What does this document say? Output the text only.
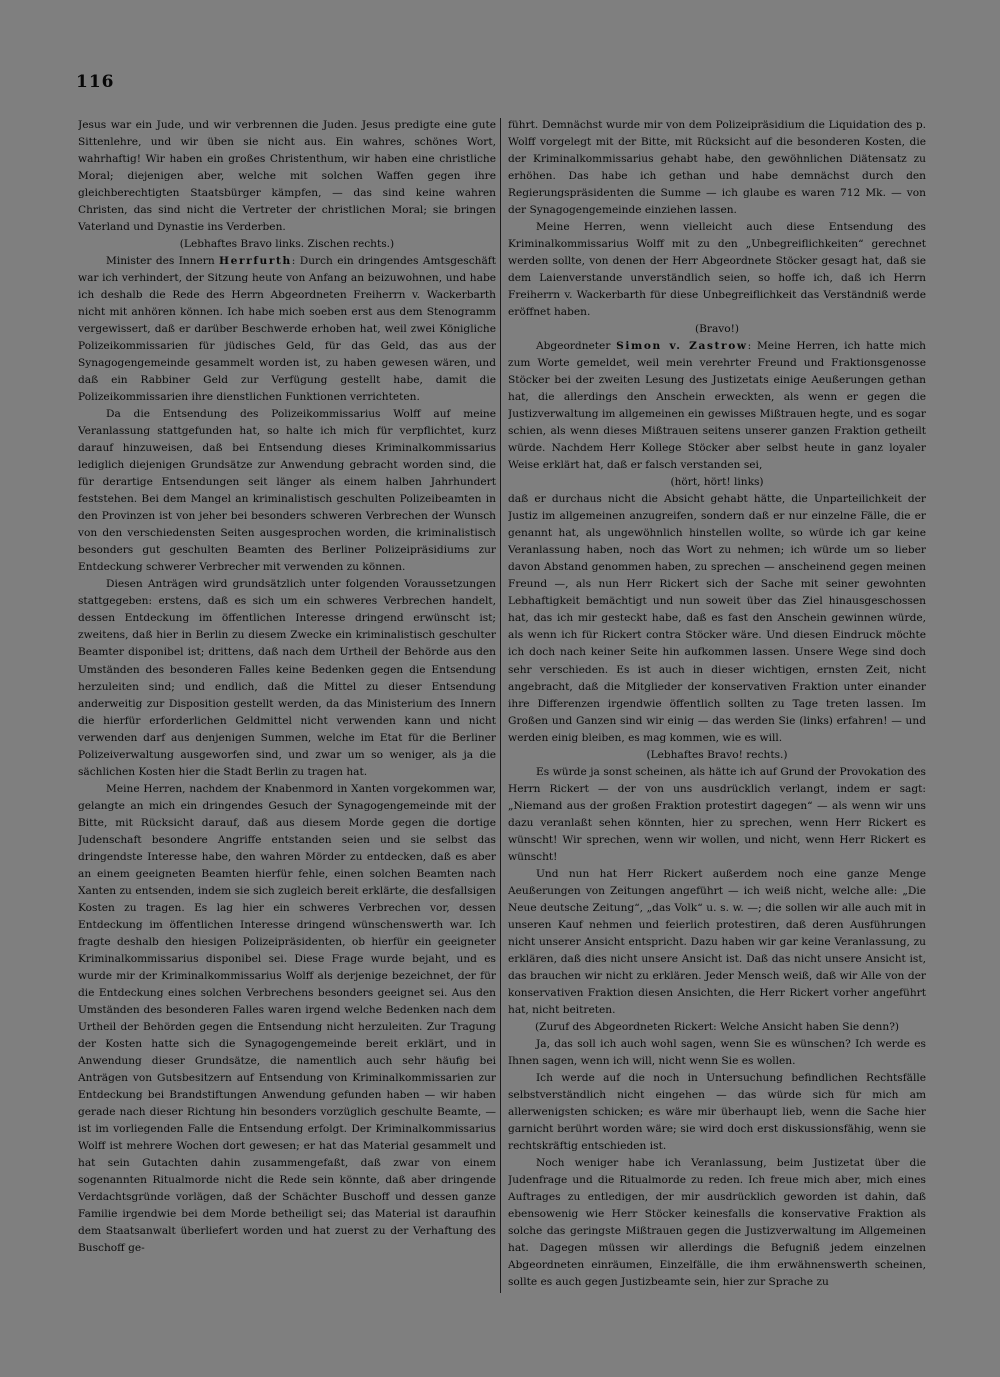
116

Jesus war ein Jude, und wir verbrennen die Juden. Jesus predigte eine gute Sittenlehre, und wir üben sie nicht aus. Ein wahres, schönes Wort, wahrhaftig! Wir haben ein großes Christenthum, wir haben eine christliche Moral; diejenigen aber, welche mit solchen Waffen gegen ihre gleichberechtigten Staatsbürger kämpfen, — das sind keine wahren Christen, das sind nicht die Vertreter der christlichen Moral; sie bringen Vaterland und Dynastie ins Verderben.

(Lebhaftes Bravo links. Zischen rechts.)

Minister des Innern Herrfurth: Durch ein dringendes Amtsgeschäft war ich verhindert, der Sitzung heute von Anfang an beizuwohnen, und habe ich deshalb die Rede des Herrn Abgeordneten Freiherrn v. Wackerbarth nicht mit anhören können. Ich habe mich soeben erst aus dem Stenogramm vergewissert, daß er darüber Beschwerde erhoben hat, weil zwei Königliche Polizeikommissarien für jüdisches Geld, für das Geld, das aus der Synagogengemeinde gesammelt worden ist, zu haben gewesen wären, und daß ein Rabbiner Geld zur Verfügung gestellt habe, damit die Polizeikommissarien ihre dienstlichen Funktionen verrichteten.

Da die Entsendung des Polizeikommissarius Wolff auf meine Veranlassung stattgefunden hat, so halte ich mich für verpflichtet, kurz darauf hinzuweisen, daß bei Entsendung dieses Kriminalkommissarius lediglich diejenigen Grundsätze zur Anwendung gebracht worden sind, die für derartige Entsendungen seit länger als einem halben Jahrhundert feststehen. Bei dem Mangel an kriminalistisch geschulten Polizeibeamten in den Provinzen ist von jeher bei besonders schweren Verbrechen der Wunsch von den verschiedensten Seiten ausgesprochen worden, die kriminalistisch besonders gut geschulten Beamten des Berliner Polizeipräsidiums zur Entdeckung schwerer Verbrecher mit verwenden zu können.

Diesen Anträgen wird grundsätzlich unter folgenden Voraussetzungen stattgegeben: erstens, daß es sich um ein schweres Verbrechen handelt, dessen Entdeckung im öffentlichen Interesse dringend erwünscht ist; zweitens, daß hier in Berlin zu diesem Zwecke ein kriminalistisch geschulter Beamter disponibel ist; drittens, daß nach dem Urtheil der Behörde aus den Umständen des besonderen Falles keine Bedenken gegen die Entsendung herzuleiten sind; und endlich, daß die Mittel zu dieser Entsendung anderweitig zur Disposition gestellt werden, da das Ministerium des Innern die hierfür erforderlichen Geldmittel nicht verwenden kann und nicht verwenden darf aus denjenigen Summen, welche im Etat für die Berliner Polizeiverwaltung ausgeworfen sind, und zwar um so weniger, als ja die sächlichen Kosten hier die Stadt Berlin zu tragen hat.

Meine Herren, nachdem der Knabenmord in Xanten vorgekommen war, gelangte an mich ein dringendes Gesuch der Synagogengemeinde mit der Bitte, mit Rücksicht darauf, daß aus diesem Morde gegen die dortige Judenschaft besondere Angriffe entstanden seien und sie selbst das dringendste Interesse habe, den wahren Mörder zu entdecken, daß es aber an einem geeigneten Beamten hierfür fehle, einen solchen Beamten nach Xanten zu entsenden, indem sie sich zugleich bereit erklärte, die desfallsigen Kosten zu tragen. Es lag hier ein schweres Verbrechen vor, dessen Entdeckung im öffentlichen Interesse dringend wünschenswerth war. Ich fragte deshalb den hiesigen Polizeipräsidenten, ob hierfür ein geeigneter Kriminalkommissarius disponibel sei. Diese Frage wurde bejaht, und es wurde mir der Kriminalkommissarius Wolff als derjenige bezeichnet, der für die Entdeckung eines solchen Verbrechens besonders geeignet sei. Aus den Umständen des besonderen Falles waren irgend welche Bedenken nach dem Urtheil der Behörden gegen die Entsendung nicht herzuleiten. Zur Tragung der Kosten hatte sich die Synagogengemeinde bereit erklärt, und in Anwendung dieser Grundsätze, die namentlich auch sehr häufig bei Anträgen von Gutsbesitzern auf Entsendung von Kriminalkommissarien zur Entdeckung bei Brandstiftungen Anwendung gefunden haben — wir haben gerade nach dieser Richtung hin besonders vorzüglich geschulte Beamte, — ist im vorliegenden Falle die Entsendung erfolgt. Der Kriminalkommissarius Wolff ist mehrere Wochen dort gewesen; er hat das Material gesammelt und hat sein Gutachten dahin zusammengefaßt, daß zwar von einem sogenannten Ritualmorde nicht die Rede sein könnte, daß aber dringende Verdachtsgründe vorlägen, daß der Schächter Buschoff und dessen ganze Familie irgendwie bei dem Morde betheiligt sei; das Material ist daraufhin dem Staatsanwalt überliefert worden und hat zuerst zu der Verhaftung des Buschoff ge-

führt. Demnächst wurde mir von dem Polizeipräsidium die Liquidation des p. Wolff vorgelegt mit der Bitte, mit Rücksicht auf die besonderen Kosten, die der Kriminalkommissarius gehabt habe, den gewöhnlichen Diätensatz zu erhöhen. Das habe ich gethan und habe demnächst durch den Regierungspräsidenten die Summe — ich glaube es waren 712 Mk. — von der Synagogengemeinde einziehen lassen.

Meine Herren, wenn vielleicht auch diese Entsendung des Kriminalkommissarius Wolff mit zu den „Unbegreiflichkeiten“ gerechnet werden sollte, von denen der Herr Abgeordnete Stöcker gesagt hat, daß sie dem Laienverstande unverständlich seien, so hoffe ich, daß ich Herrn Freiherrn v. Wackerbarth für diese Unbegreiflichkeit das Verständniß werde eröffnet haben.

(Bravo!)

Abgeordneter Simon v. Zastrow: Meine Herren, ich hatte mich zum Worte gemeldet, weil mein verehrter Freund und Fraktionsgenosse Stöcker bei der zweiten Lesung des Justizetats einige Aeußerungen gethan hat, die allerdings den Anschein erweckten, als wenn er gegen die Justizverwaltung im allgemeinen ein gewisses Mißtrauen hegte, und es sogar schien, als wenn dieses Mißtrauen seitens unserer ganzen Fraktion getheilt würde. Nachdem Herr Kollege Stöcker aber selbst heute in ganz loyaler Weise erklärt hat, daß er falsch verstanden sei,

(hört, hört! links)

daß er durchaus nicht die Absicht gehabt hätte, die Unparteilichkeit der Justiz im allgemeinen anzugreifen, sondern daß er nur einzelne Fälle, die er genannt hat, als ungewöhnlich hinstellen wollte, so würde ich gar keine Veranlassung haben, noch das Wort zu nehmen; ich würde um so lieber davon Abstand genommen haben, zu sprechen — anscheinend gegen meinen Freund —, als nun Herr Rickert sich der Sache mit seiner gewohnten Lebhaftigkeit bemächtigt und nun soweit über das Ziel hinausgeschossen hat, das ich mir gesteckt habe, daß es fast den Anschein gewinnen würde, als wenn ich für Rickert contra Stöcker wäre. Und diesen Eindruck möchte ich doch nach keiner Seite hin aufkommen lassen. Unsere Wege sind doch sehr verschieden. Es ist auch in dieser wichtigen, ernsten Zeit, nicht angebracht, daß die Mitglieder der konservativen Fraktion unter einander ihre Differenzen irgendwie öffentlich sollten zu Tage treten lassen. Im Großen und Ganzen sind wir einig — das werden Sie (links) erfahren! — und werden einig bleiben, es mag kommen, wie es will.

(Lebhaftes Bravo! rechts.)

Es würde ja sonst scheinen, als hätte ich auf Grund der Provokation des Herrn Rickert — der von uns ausdrücklich verlangt, indem er sagt: „Niemand aus der großen Fraktion protestirt dagegen“ — als wenn wir uns dazu veranlaßt sehen könnten, hier zu sprechen, wenn Herr Rickert es wünscht! Wir sprechen, wenn wir wollen, und nicht, wenn Herr Rickert es wünscht!

Und nun hat Herr Rickert außerdem noch eine ganze Menge Aeußerungen von Zeitungen angeführt — ich weiß nicht, welche alle: „Die Neue deutsche Zeitung“, „das Volk“ u. s. w. —; die sollen wir alle auch mit in unseren Kauf nehmen und feierlich protestiren, daß deren Ausführungen nicht unserer Ansicht entspricht. Dazu haben wir gar keine Veranlassung, zu erklären, daß dies nicht unsere Ansicht ist. Daß das nicht unsere Ansicht ist, das brauchen wir nicht zu erklären. Jeder Mensch weiß, daß wir Alle von der konservativen Fraktion diesen Ansichten, die Herr Rickert vorher angeführt hat, nicht beitreten.

(Zuruf des Abgeordneten Rickert: Welche Ansicht haben Sie denn?)

Ja, das soll ich auch wohl sagen, wenn Sie es wünschen? Ich werde es Ihnen sagen, wenn ich will, nicht wenn Sie es wollen.

Ich werde auf die noch in Untersuchung befindlichen Rechtsfälle selbstverständlich nicht eingehen — das würde sich für mich am allerwenigsten schicken; es wäre mir überhaupt lieb, wenn die Sache hier garnicht berührt worden wäre; sie wird doch erst diskussionsfähig, wenn sie rechtskräftig entschieden ist.

Noch weniger habe ich Veranlassung, beim Justizetat über die Judenfrage und die Ritualmorde zu reden. Ich freue mich aber, mich eines Auftrages zu entledigen, der mir ausdrücklich geworden ist dahin, daß ebensowenig wie Herr Stöcker keinesfalls die konservative Fraktion als solche das geringste Mißtrauen gegen die Justizverwaltung im Allgemeinen hat. Dagegen müssen wir allerdings die Befugniß jedem einzelnen Abgeordneten einräumen, Einzelfälle, die ihm erwähnenswerth scheinen, sollte es auch gegen Justizbeamte sein, hier zur Sprache zu
